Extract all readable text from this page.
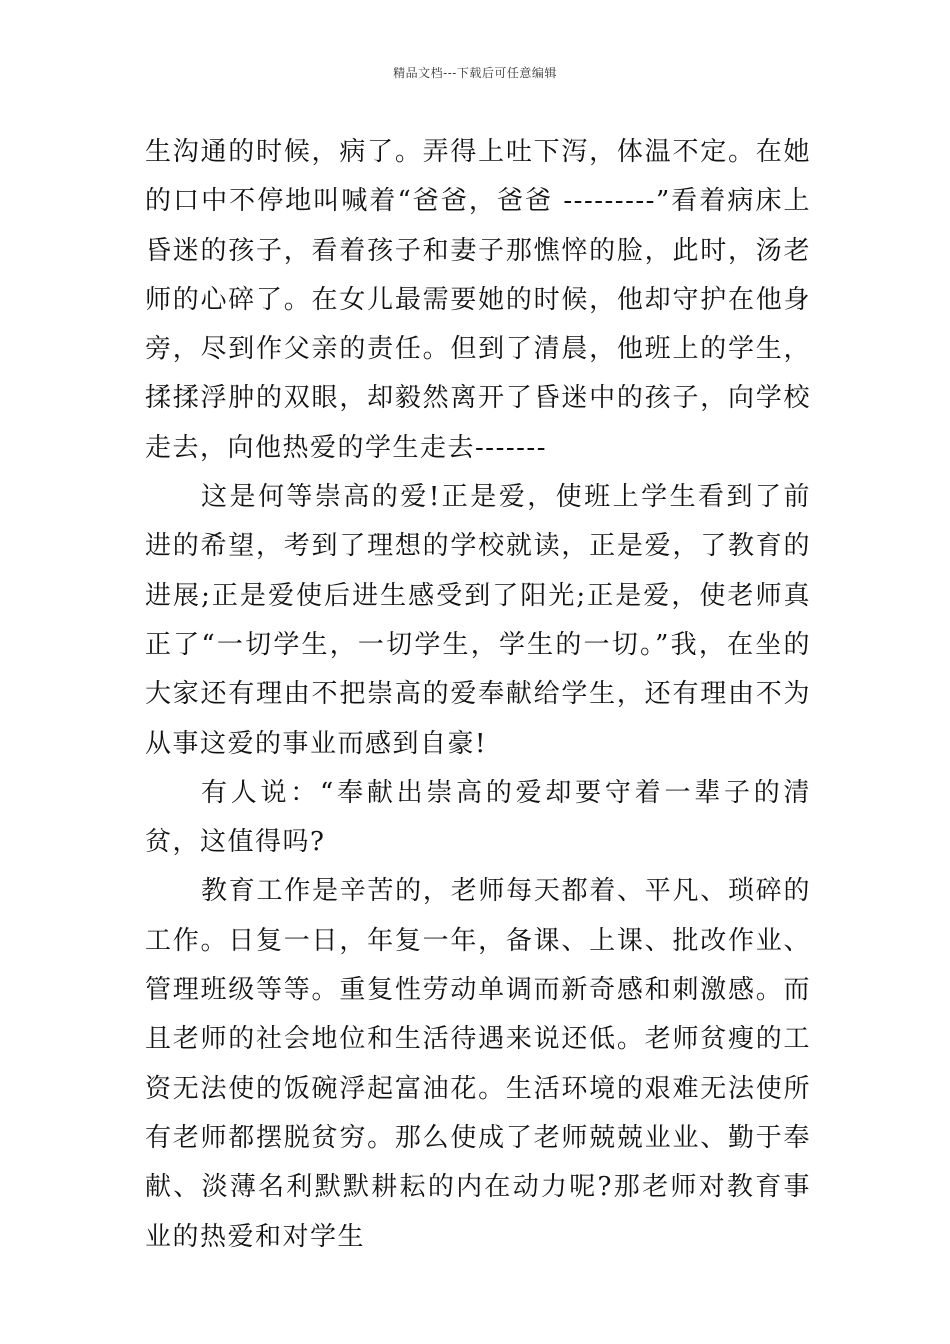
精品文档---下载后可任意编辑

生沟通的时候，病了。弄得上吐下泻，体温不定。在她的口中不停地叫喊着“爸爸，爸爸 ---------”看着病床上昏迷的孩子，看着孩子和妻子那憔悴的脸，此时，汤老师的心碎了。在女儿最需要她的时候，他却守护在他身旁，尽到作父亲的责任。但到了清晨，他班上的学生，揉揉浮肿的双眼，却毅然离开了昏迷中的孩子，向学校走去，向他热爱的学生走去-------

这是何等崇高的爱!正是爱，使班上学生看到了前进的希望，考到了理想的学校就读，正是爱，了教育的进展;正是爱使后进生感受到了阳光;正是爱，使老师真正了“一切学生，一切学生，学生的一切。”我，在坐的大家还有理由不把崇高的爱奉献给学生，还有理由不为从事这爱的事业而感到自豪!

有人说：“奉献出崇高的爱却要守着一辈子的清贫，这值得吗?

教育工作是辛苦的，老师每天都着、平凡、琐碎的工作。日复一日，年复一年，备课、上课、批改作业、管理班级等等。重复性劳动单调而新奇感和刺激感。而且老师的社会地位和生活待遇来说还低。老师贫瘦的工资无法使的饭碗浮起富油花。生活环境的艰难无法使所有老师都摆脱贫穷。那么使成了老师兢兢业业、勤于奉献、淡薄名利默默耕耘的内在动力呢?那老师对教育事业的热爱和对学生
